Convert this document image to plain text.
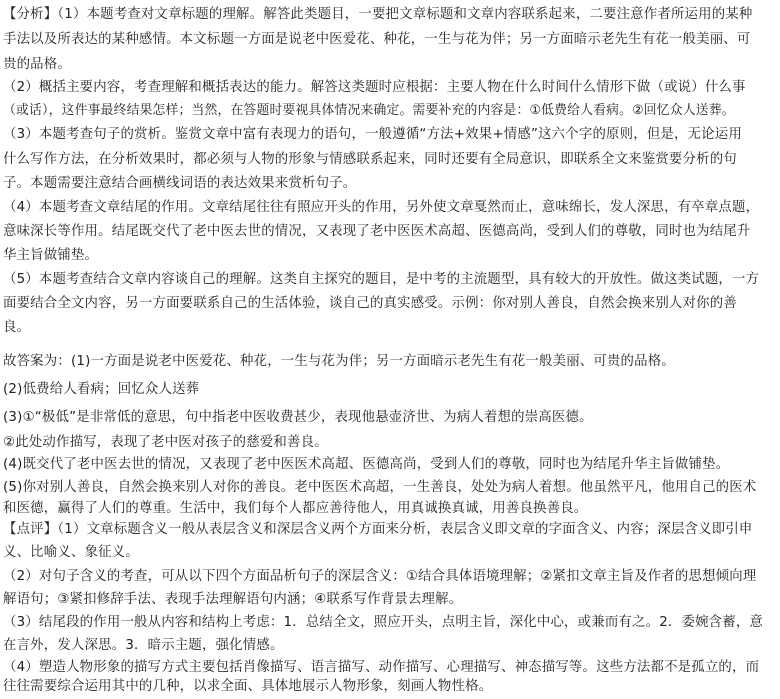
【分析】（1）本题考查对文章标题的理解。解答此类题目，一要把文章标题和文章内容联系起来，二要注意作者所运用的某种
手法以及所表达的某种感情。本文标题一方面是说老中医爱花、种花，一生与花为伴；另一方面暗示老先生有花一般美丽、可
贵的品格。
（2）概括主要内容，考查理解和概括表达的能力。解答这类题时应根据：主要人物在什么时间什么情形下做（或说）什么事
（或话），这件事最终结果怎样；当然，在答题时要视具体情况来确定。需要补充的内容是：①低费给人看病。②回忆众人送葬。
（3）本题考查句子的赏析。鉴赏文章中富有表现力的语句，一般遵循“方法+效果+情感”这六个字的原则，但是，无论运用
什么写作方法，在分析效果时，都必须与人物的形象与情感联系起来，同时还要有全局意识，即联系全文来鉴赏要分析的句
子。本题需要注意结合画横线词语的表达效果来赏析句子。
（4）本题考查文章结尾的作用。文章结尾往往有照应开头的作用，另外使文章戛然而止，意味绵长，发人深思，有卒章点题，
意味深长等作用。结尾既交代了老中医去世的情况，又表现了老中医医术高超、医德高尚，受到人们的尊敬，同时也为结尾升
华主旨做铺垫。
（5）本题考查结合文章内容谈自己的理解。这类自主探究的题目，是中考的主流题型，具有较大的开放性。做这类试题，一方
面要结合全文内容，另一方面要联系自己的生活体验，谈自己的真实感受。示例：你对别人善良，自然会换来别人对你的善
良。
故答案为：(1)一方面是说老中医爱花、种花，一生与花为伴；另一方面暗示老先生有花一般美丽、可贵的品格。
(2)低费给人看病；回忆众人送葬
(3)①“极低”是非常低的意思，句中指老中医收费甚少，表现他悬壶济世、为病人着想的崇高医德。
②此处动作描写，表现了老中医对孩子的慈爱和善良。
(4)既交代了老中医去世的情况，又表现了老中医医术高超、医德高尚，受到人们的尊敬，同时也为结尾升华主旨做铺垫。
(5)你对别人善良，自然会换来别人对你的善良。老中医医术高超，一生善良，处处为病人着想。他虽然平凡，他用自己的医术
和医德，赢得了人们的尊重。生活中，我们每个人都应善待他人，用真诚换真诚，用善良换善良。
【点评】（1）文章标题含义一般从表层含义和深层含义两个方面来分析，表层含义即文章的字面含义、内容；深层含义即引申
义、比喻义、象征义。
（2）对句子含义的考查，可从以下四个方面品析句子的深层含义：①结合具体语境理解；②紧扣文章主旨及作者的思想倾向理
解语句；③紧扣修辞手法、表现手法理解语句内涵；④联系写作背景去理解。
（3）结尾段的作用一般从内容和结构上考虑：1．总结全文，照应开头，点明主旨，深化中心，或兼而有之。2．委婉含蓄，意
在言外，发人深思。3．暗示主题，强化情感。
（4）塑造人物形象的描写方式主要包括肖像描写、语言描写、动作描写、心理描写、神态描写等。这些方法都不是孤立的，而
往往需要综合运用其中的几种，以求全面、具体地展示人物形象，刻画人物性格。
